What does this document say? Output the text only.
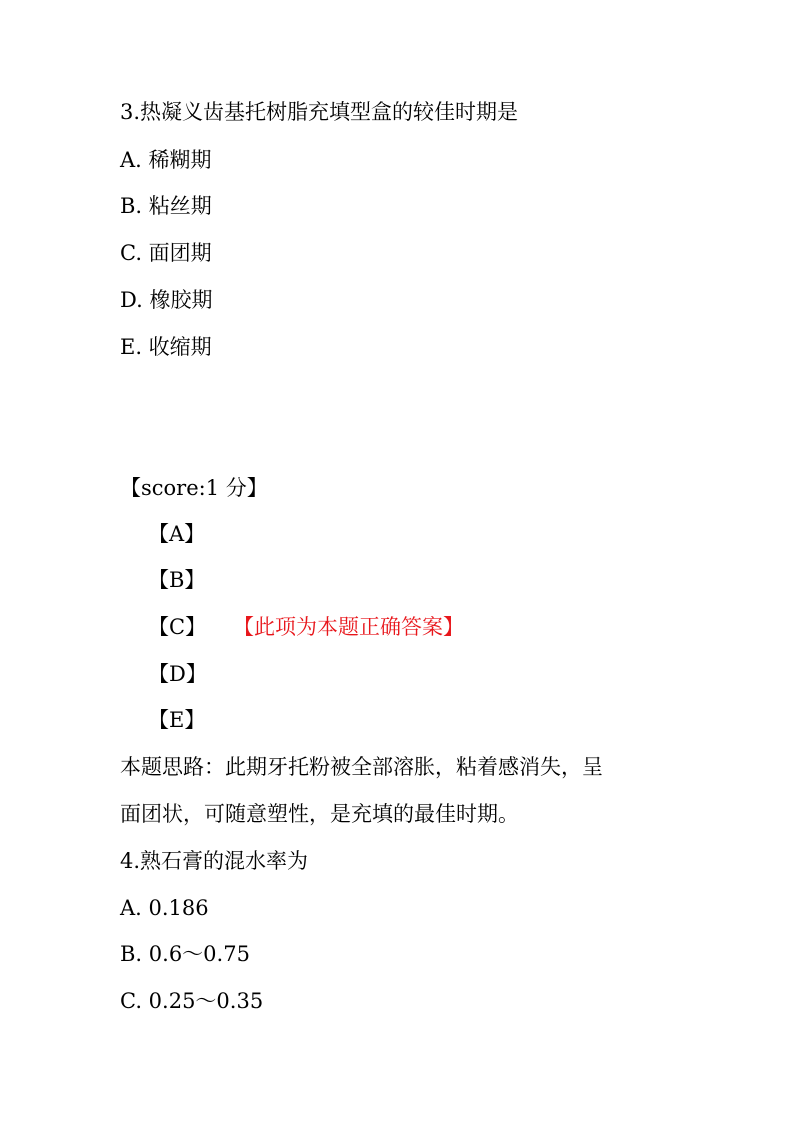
3.热凝义齿基托树脂充填型盒的较佳时期是
A. 稀糊期
B. 粘丝期
C. 面团期
D. 橡胶期
E. 收缩期
【score:1 分】
【A】
【B】
【C】 【此项为本题正确答案】
【D】
【E】
本题思路：此期牙托粉被全部溶胀，粘着感消失，呈
面团状，可随意塑性，是充填的最佳时期。
4.熟石膏的混水率为
A. 0.186
B. 0.6～0.75
C. 0.25～0.35
